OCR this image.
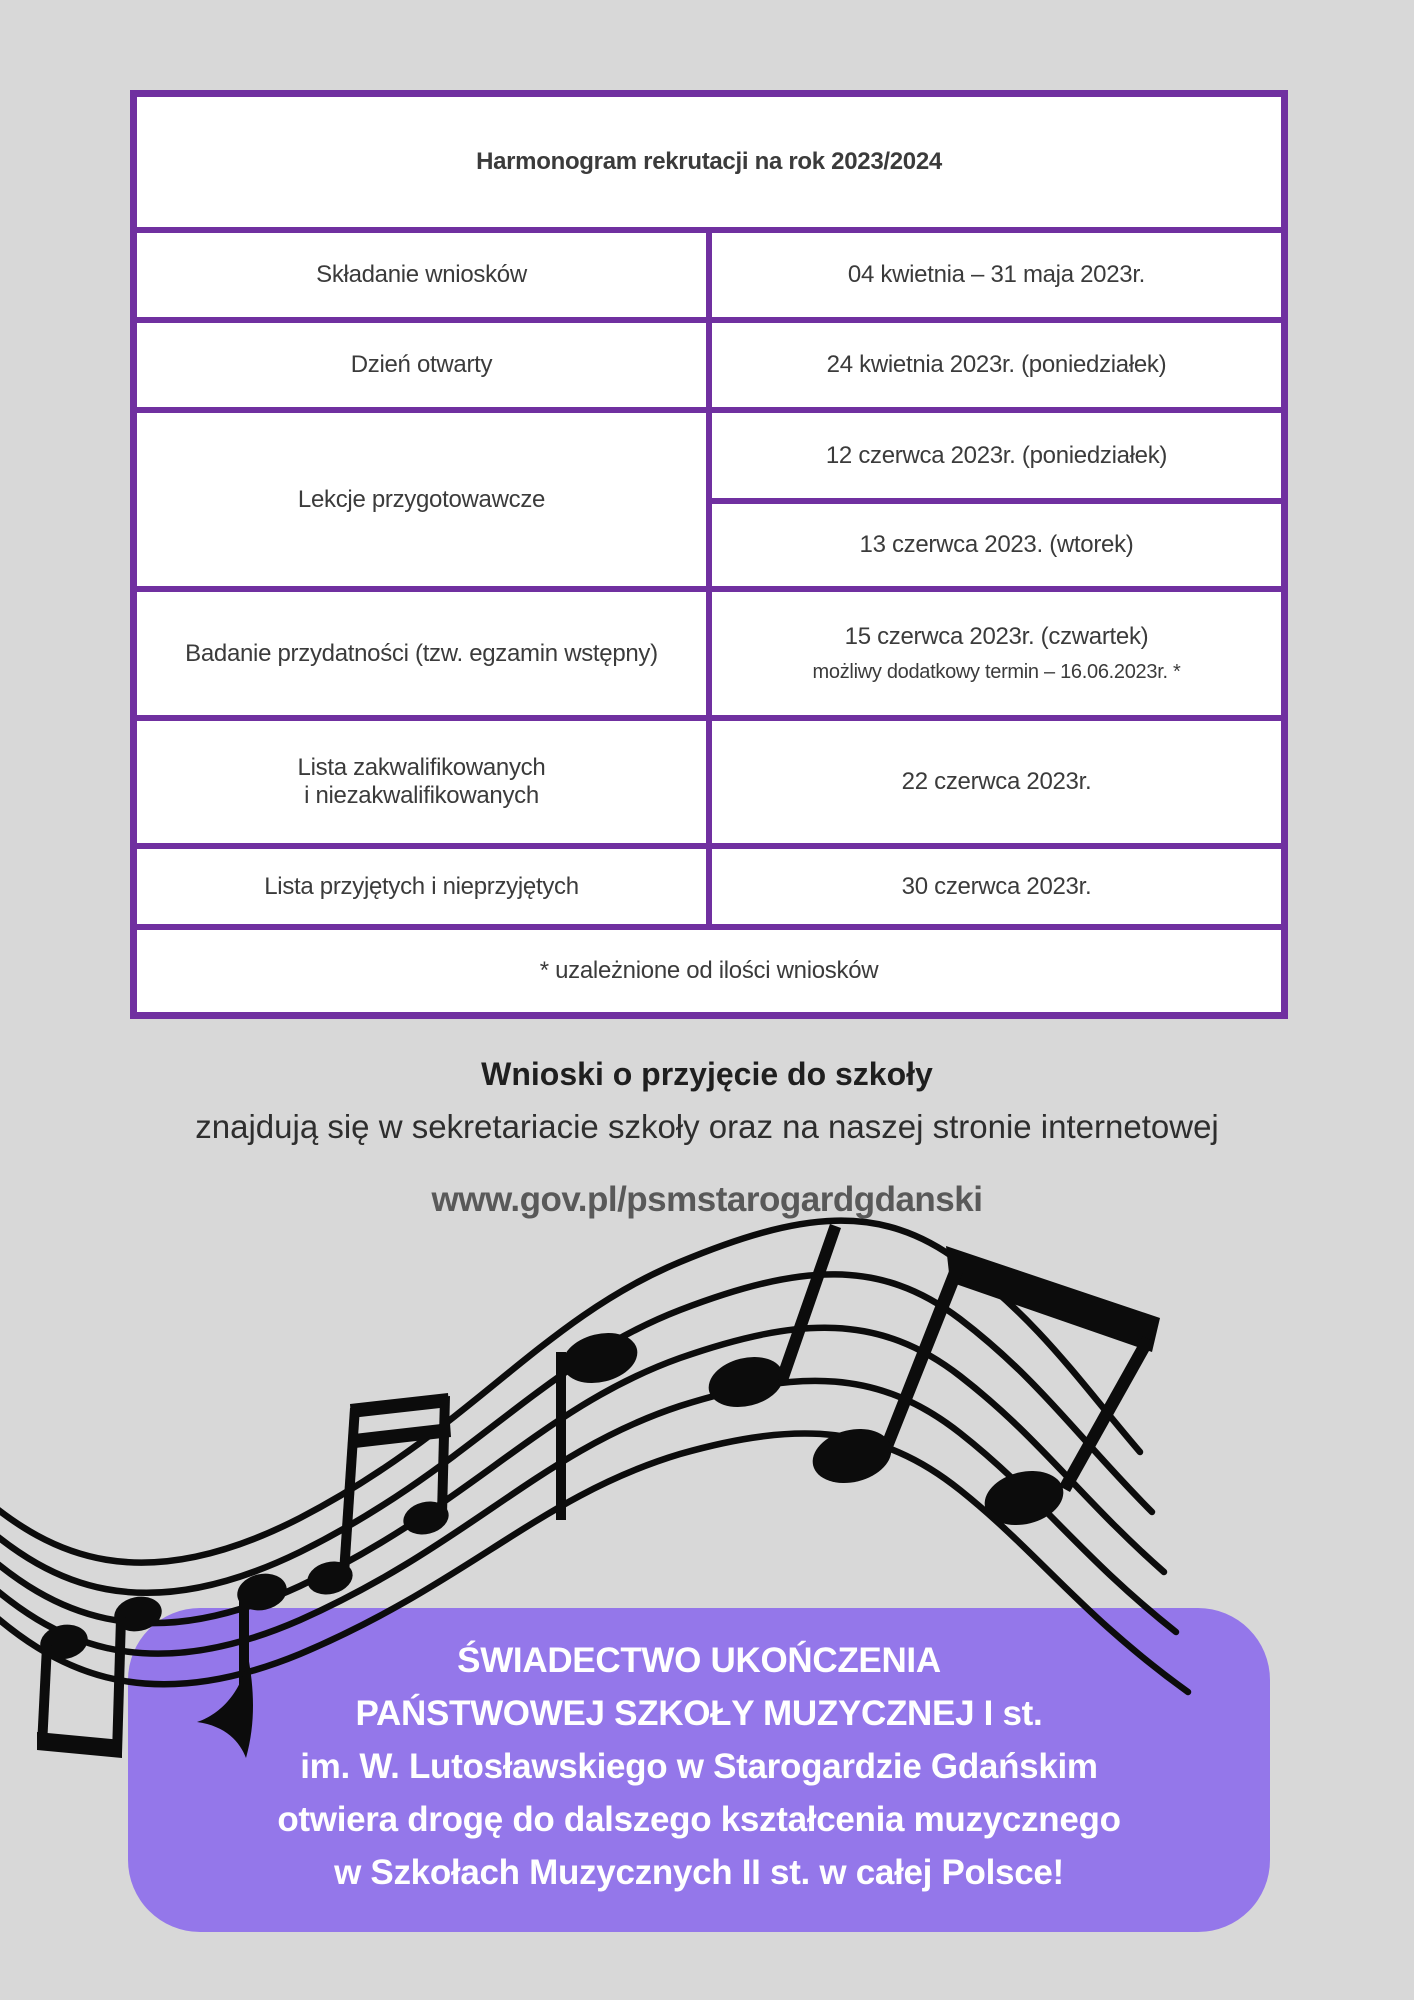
Harmonogram rekrutacji na rok 2023/2024	
Składanie wniosków	04 kwietnia – 31 maja 2023r.
Dzień otwarty	24 kwietnia 2023r. (poniedziałek)
Lekcje przygotowawcze	12 czerwca 2023r. (poniedziałek)
	13 czerwca 2023. (wtorek)
Badanie przydatności (tzw. egzamin wstępny)	15 czerwca 2023r. (czwartek)
możliwy dodatkowy termin – 16.06.2023r. *

Lista zakwalifikowanych
i niezakwalifikowanych	22 czerwca 2023r.
Lista przyjętych i nieprzyjętych	30 czerwca 2023r.
* uzależnione od ilości wniosków	
Wnioski o przyjęcie do szkoły
znajdują się w sekretariacie szkoły oraz na naszej stronie internetowej
www.gov.pl/psmstarogardgdanski
ŚWIADECTWO UKOŃCZENIA
PAŃSTWOWEJ SZKOŁY MUZYCZNEJ I st.
im. W. Lutosławskiego w Starogardzie Gdańskim
otwiera drogę do dalszego kształcenia muzycznego
w Szkołach Muzycznych II st. w całej Polsce!
